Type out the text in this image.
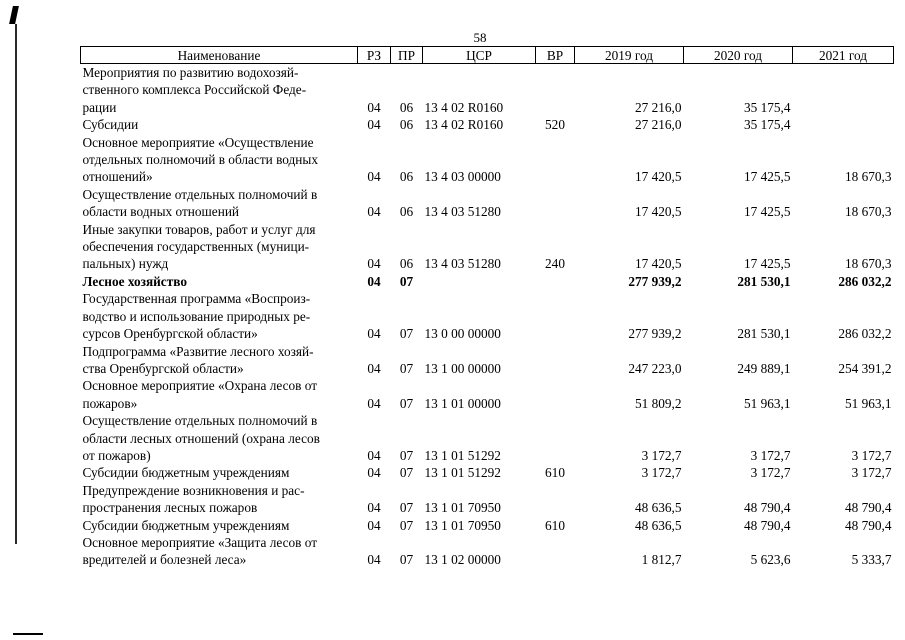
58
Наименование	РЗ	ПР	ЦСР	ВР	2019 год	2020 год	2021 год
Мероприятия по развитию водохозяй-
ственного комплекса Российской Феде-
рации	04	06	13 4 02 R0160		27 216,0	35 175,4	
Субсидии	04	06	13 4 02 R0160	520	27 216,0	35 175,4	
Основное мероприятие «Осуществление
отдельных полномочий в области водных
отношений»	04	06	13 4 03 00000		17 420,5	17 425,5	18 670,3
Осуществление отдельных полномочий в
области водных отношений	04	06	13 4 03 51280		17 420,5	17 425,5	18 670,3
Иные закупки товаров, работ и услуг для
обеспечения государственных (муници-
пальных) нужд	04	06	13 4 03 51280	240	17 420,5	17 425,5	18 670,3
Лесное хозяйство	04	07			277 939,2	281 530,1	286 032,2
Государственная программа «Воспроиз-
водство и использование природных ре-
сурсов Оренбургской области»	04	07	13 0 00 00000		277 939,2	281 530,1	286 032,2
Подпрограмма «Развитие лесного хозяй-
ства Оренбургской области»	04	07	13 1 00 00000		247 223,0	249 889,1	254 391,2
Основное мероприятие «Охрана лесов от
пожаров»	04	07	13 1 01 00000		51 809,2	51 963,1	51 963,1
Осуществление отдельных полномочий в
области лесных отношений (охрана лесов
от пожаров)	04	07	13 1 01 51292		3 172,7	3 172,7	3 172,7
Субсидии бюджетным учреждениям	04	07	13 1 01 51292	610	3 172,7	3 172,7	3 172,7
Предупреждение возникновения и рас-
пространения лесных пожаров	04	07	13 1 01 70950		48 636,5	48 790,4	48 790,4
Субсидии бюджетным учреждениям	04	07	13 1 01 70950	610	48 636,5	48 790,4	48 790,4
Основное мероприятие «Защита лесов от
вредителей и болезней леса»	04	07	13 1 02 00000		1 812,7	5 623,6	5 333,7
